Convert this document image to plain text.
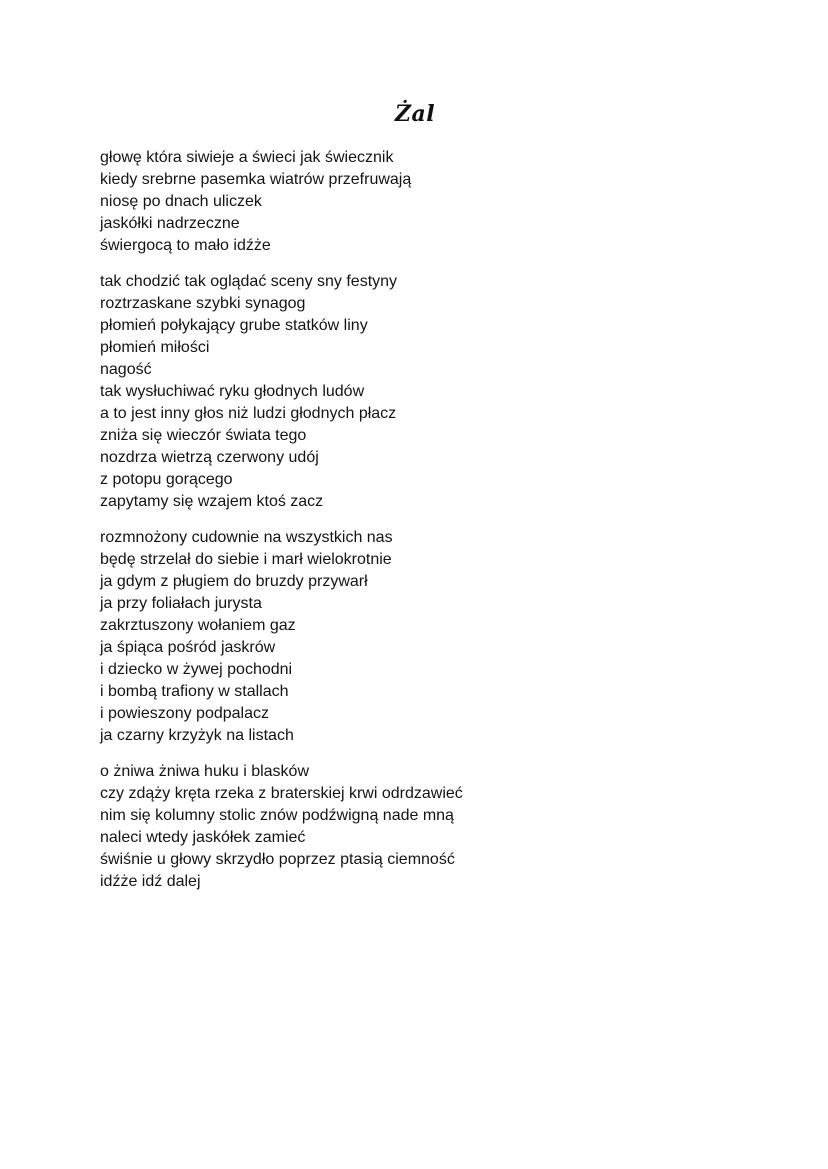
Żal
głowę która siwieje a świeci jak świecznik
kiedy srebrne pasemka wiatrów przefruwają
niosę po dnach uliczek
jaskółki nadrzeczne
świergocą to mało idźże
tak chodzić tak oglądać sceny sny festyny
roztrzaskane szybki synagog
płomień połykający grube statków liny
płomień miłości
nagość
tak wysłuchiwać ryku głodnych ludów
a to jest inny głos niż ludzi głodnych płacz
zniża się wieczór świata tego
nozdrza wietrzą czerwony udój
z potopu gorącego
zapytamy się wzajem ktoś zacz
rozmnożony cudownie na wszystkich nas
będę strzelał do siebie i marł wielokrotnie
ja gdym z pługiem do bruzdy przywarł
ja przy foliałach jurysta
zakrztuszony wołaniem gaz
ja śpiąca pośród jaskrów
i dziecko w żywej pochodni
i bombą trafiony w stallach
i powieszony podpalacz
ja czarny krzyżyk na listach
o żniwa żniwa huku i blasków
czy zdąży kręta rzeka z braterskiej krwi odrdzawieć
nim się kolumny stolic znów podźwigną nade mną
naleci wtedy jaskółek zamieć
świśnie u głowy skrzydło poprzez ptasią ciemność
idźże idź dalej
